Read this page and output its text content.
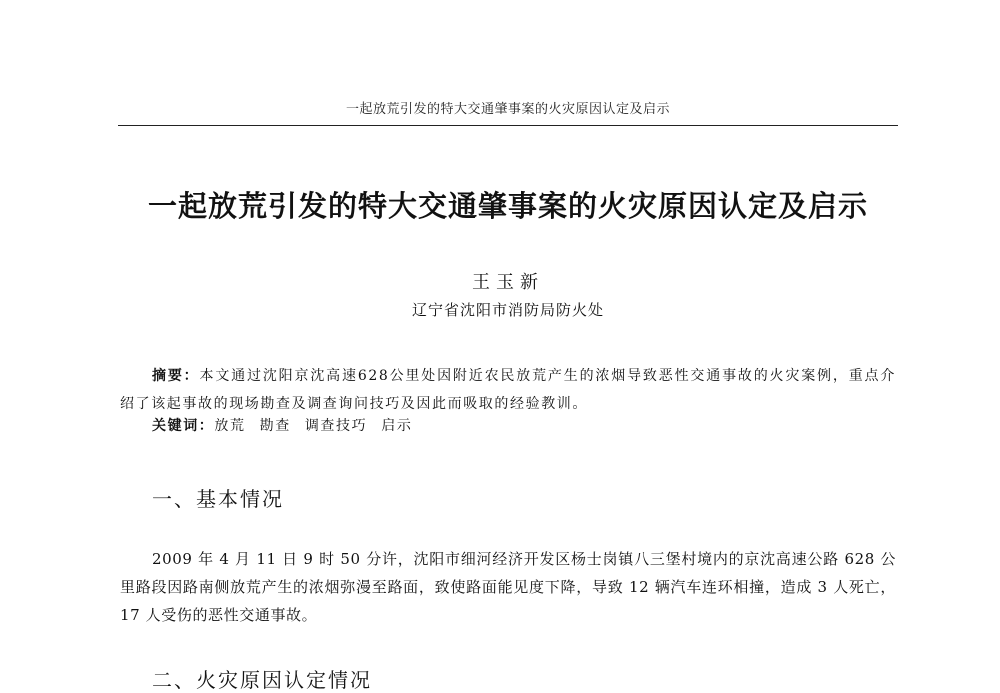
一起放荒引发的特大交通肇事案的火灾原因认定及启示
一起放荒引发的特大交通肇事案的火灾原因认定及启示
王玉新
辽宁省沈阳市消防局防火处
摘要：本文通过沈阳京沈高速628公里处因附近农民放荒产生的浓烟导致恶性交通事故的火灾案例，重点介绍了该起事故的现场勘查及调查询问技巧及因此而吸取的经验教训。
关键词：放荒 勘查 调查技巧 启示
一、基本情况
2009 年 4 月 11 日 9 时 50 分许，沈阳市细河经济开发区杨士岗镇八三堡村境内的京沈高速公路 628 公里路段因路南侧放荒产生的浓烟弥漫至路面，致使路面能见度下降，导致 12 辆汽车连环相撞，造成 3 人死亡，17 人受伤的恶性交通事故。
二、火灾原因认定情况
